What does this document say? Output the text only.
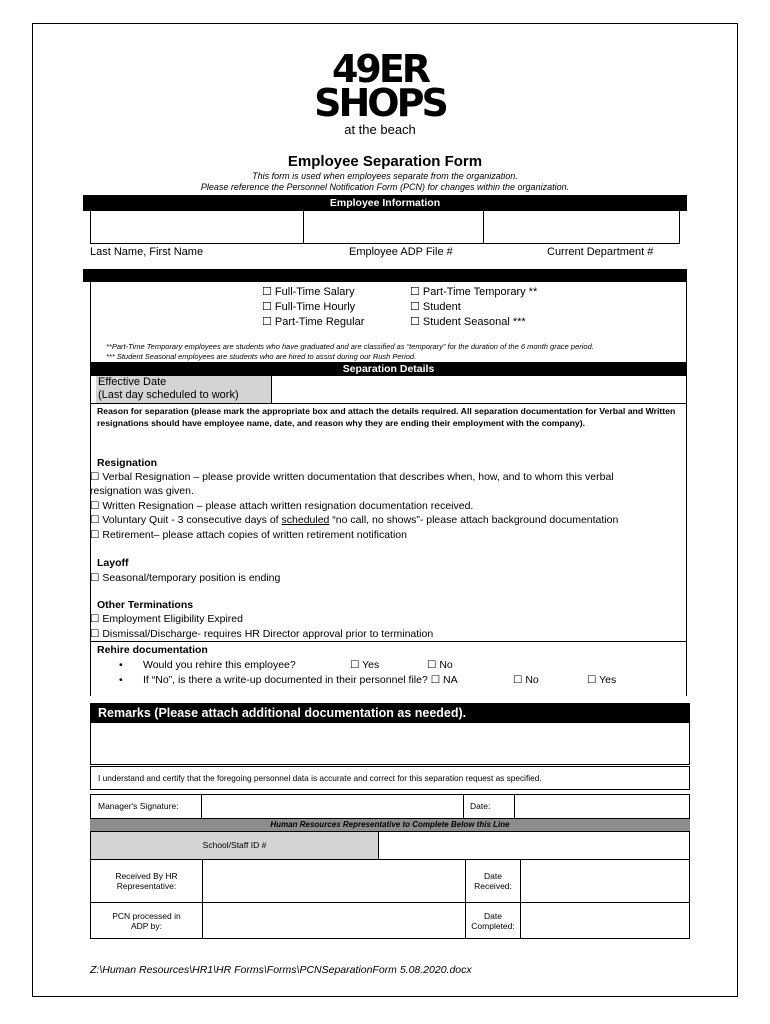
49ER
SHOPS
at the beach
Employee Separation Form
This form is used when employees separate from the organization.
Please reference the Personnel Notification Form (PCN) for changes within the organization.
Employee Information
Last Name, First Name	Employee ADP File #	Current Department #
☐ Full-Time Salary
☐ Full-Time Hourly
☐ Part-Time Regular
☐ Part-Time Temporary **
☐ Student
☐ Student Seasonal ***
**Part-Time Temporary employees are students who have graduated and are classified as “temporary” for the duration of the 6 month grace period.
*** Student Seasonal employees are students who are hired to assist during our Rush Period.
Separation Details
Effective Date
(Last day scheduled to work)
Reason for separation (please mark the appropriate box and attach the details required. All separation documentation for Verbal and Written resignations should have employee name, date, and reason why they are ending their employment with the company).
Resignation
☐ Verbal Resignation – please provide written documentation that describes when, how, and to whom this verbal
resignation was given.
☐ Written Resignation – please attach written resignation documentation received.
☐ Voluntary Quit - 3 consecutive days of scheduled “no call, no shows”- please attach background documentation
☐ Retirement– please attach copies of written retirement notification
Layoff
☐ Seasonal/temporary position is ending
Other Terminations
☐ Employment Eligibility Expired
☐ Dismissal/Discharge- requires HR Director approval prior to termination
Rehire documentation
• Would you rehire this employee?	☐ Yes	☐ No
• If “No”, is there a write-up documented in their personnel file? ☐ NA	☐ No	☐ Yes
Remarks (Please attach additional documentation as needed).
I understand and certify that the foregoing personnel data is accurate and correct for this separation request as specified.
Manager's Signature:	Date:
Human Resources Representative to Complete Below this Line
School/Staff ID #
Received By HR Representative:
Date Received:
PCN processed in ADP by:
Date Completed:
Z:\Human Resources\HR1\HR Forms\Forms\PCNSeparationForm 5.08.2020.docx
